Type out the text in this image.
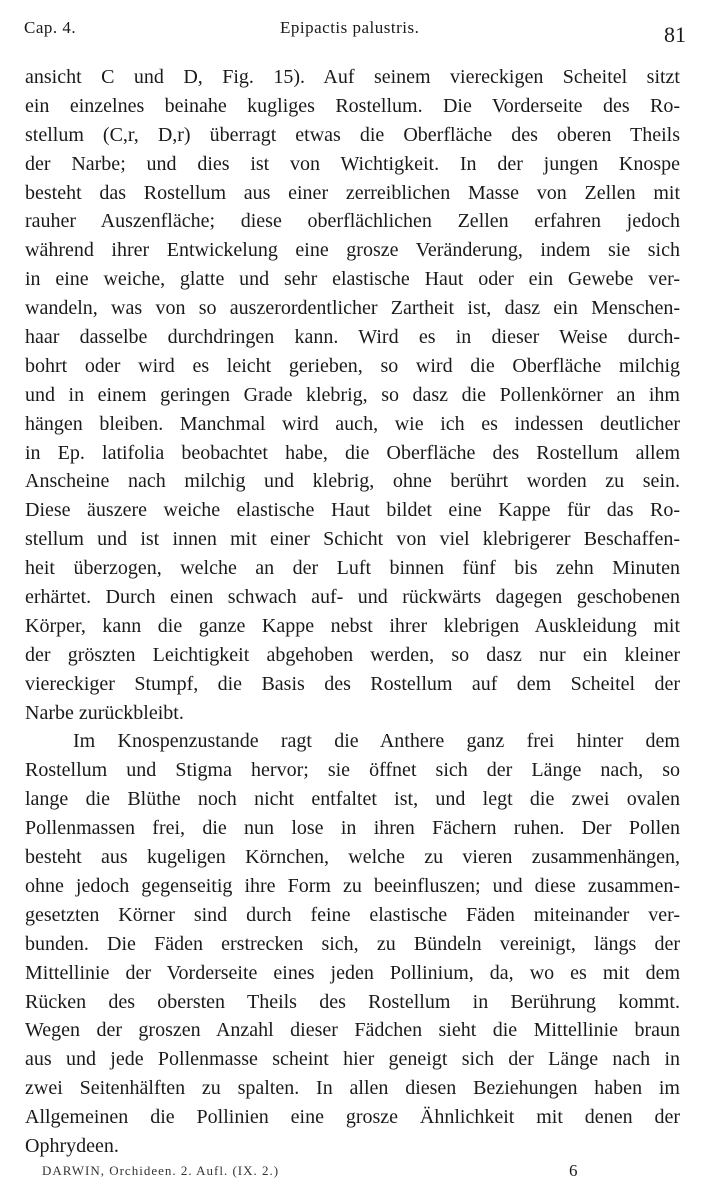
Cap. 4.	Epipactis palustris.	81
ansicht C und D, Fig. 15). Auf seinem viereckigen Scheitel sitzt
ein einzelnes beinahe kugliges Rostellum. Die Vorderseite des Ro-
stellum (C,r, D,r) überragt etwas die Oberfläche des oberen Theils
der Narbe; und dies ist von Wichtigkeit. In der jungen Knospe
besteht das Rostellum aus einer zerreiblichen Masse von Zellen mit
rauher Auszenfläche; diese oberflächlichen Zellen erfahren jedoch
während ihrer Entwickelung eine grosze Veränderung, indem sie sich
in eine weiche, glatte und sehr elastische Haut oder ein Gewebe ver-
wandeln, was von so auszerordentlicher Zartheit ist, dasz ein Menschen-
haar dasselbe durchdringen kann. Wird es in dieser Weise durch-
bohrt oder wird es leicht gerieben, so wird die Oberfläche milchig
und in einem geringen Grade klebrig, so dasz die Pollenkörner an ihm
hängen bleiben. Manchmal wird auch, wie ich es indessen deutlicher
in Ep. latifolia beobachtet habe, die Oberfläche des Rostellum allem
Anscheine nach milchig und klebrig, ohne berührt worden zu sein.
Diese äuszere weiche elastische Haut bildet eine Kappe für das Ro-
stellum und ist innen mit einer Schicht von viel klebrigerer Beschaffen-
heit überzogen, welche an der Luft binnen fünf bis zehn Minuten
erhärtet. Durch einen schwach auf- und rückwärts dagegen geschobenen
Körper, kann die ganze Kappe nebst ihrer klebrigen Auskleidung mit
der gröszten Leichtigkeit abgehoben werden, so dasz nur ein kleiner
viereckiger Stumpf, die Basis des Rostellum auf dem Scheitel der
Narbe zurückbleibt.
Im Knospenzustande ragt die Anthere ganz frei hinter dem
Rostellum und Stigma hervor; sie öffnet sich der Länge nach, so
lange die Blüthe noch nicht entfaltet ist, und legt die zwei ovalen
Pollenmassen frei, die nun lose in ihren Fächern ruhen. Der Pollen
besteht aus kugeligen Körnchen, welche zu vieren zusammenhängen,
ohne jedoch gegenseitig ihre Form zu beeinfluszen; und diese zusammen-
gesetzten Körner sind durch feine elastische Fäden miteinander ver-
bunden. Die Fäden erstrecken sich, zu Bündeln vereinigt, längs der
Mittellinie der Vorderseite eines jeden Pollinium, da, wo es mit dem
Rücken des obersten Theils des Rostellum in Berührung kommt.
Wegen der groszen Anzahl dieser Fädchen sieht die Mittellinie braun
aus und jede Pollenmasse scheint hier geneigt sich der Länge nach in
zwei Seitenhälften zu spalten. In allen diesen Beziehungen haben im
Allgemeinen die Pollinien eine grosze Ähnlichkeit mit denen der
Ophrydeen.
DARWIN, Orchideen. 2. Aufl. (IX. 2.)	6
